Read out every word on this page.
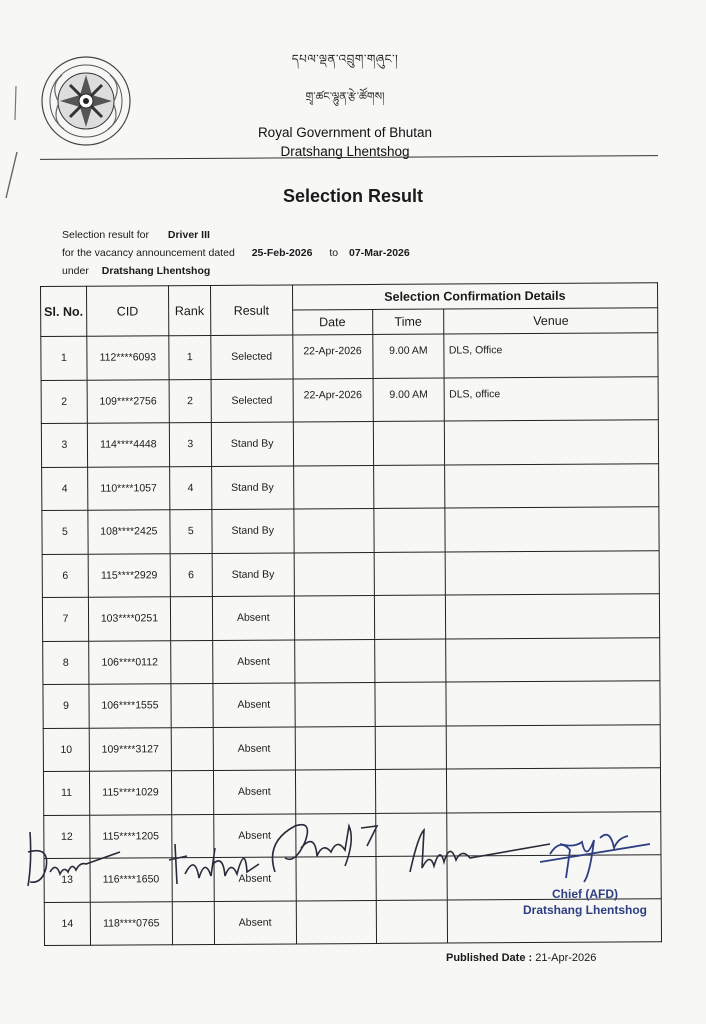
དཔལ་ལྡན་འབྲུག་གཞུང་།
གྲྭ་ཚང་ལྷུན་རྩེ་ཚོགས།
Royal Government of Bhutan
Dratshang Lhentshog
Selection Result
Selection result for Driver III
for the vacancy announcement dated 25-Feb-2026 to 07-Mar-2026
under Dratshang Lhentshog
Sl. No.	CID	Rank	Result	Selection Confirmation Details		
				Date	Time	Venue
1	112****6093	1	Selected	22-Apr-2026	9.00 AM	DLS, Office
2	109****2756	2	Selected	22-Apr-2026	9.00 AM	DLS, office
3	114****4448	3	Stand By			
4	110****1057	4	Stand By			
5	108****2425	5	Stand By			
6	115****2929	6	Stand By			
7	103****0251		Absent			
8	106****0112		Absent			
9	106****1555		Absent			
10	109****3127		Absent			
11	115****1029		Absent			
12	115****1205		Absent			
13	116****1650		Absent			
14	118****0765		Absent			
Chief (AFD)
Dratshang Lhentshog
Published Date : 21-Apr-2026
